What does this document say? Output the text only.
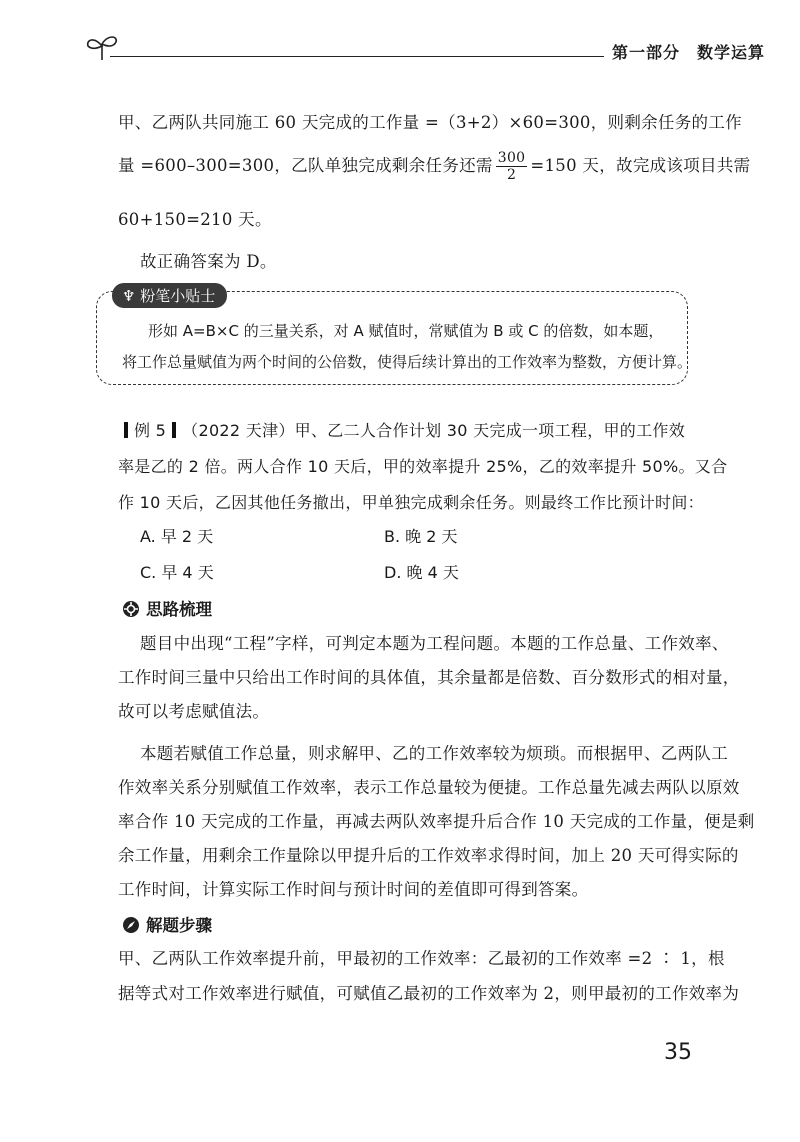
第一部分　数学运算
甲、乙两队共同施工 60 天完成的工作量 =（3+2）×60=300，则剩余任务的工作
量 =600–300=300，乙队单独完成剩余任务还需 $\frac{300}{2} =150$ 天，故完成该项目共需
60+150=210 天。
故正确答案为 D。
♆ 粉笔小贴士
形如 A=B×C 的三量关系，对 A 赋值时，常赋值为 B 或 C 的倍数，如本题，
将工作总量赋值为两个时间的公倍数，使得后续计算出的工作效率为整数，方便计算。
例 5 （2022 天津）甲、乙二人合作计划 30 天完成一项工程，甲的工作效
率是乙的 2 倍。两人合作 10 天后，甲的效率提升 25%，乙的效率提升 50%。又合
作 10 天后，乙因其他任务撤出，甲单独完成剩余任务。则最终工作比预计时间：
A. 早 2 天	B. 晚 2 天
C. 早 4 天	D. 晚 4 天
思路梳理
题目中出现“工程”字样，可判定本题为工程问题。本题的工作总量、工作效率、
工作时间三量中只给出工作时间的具体值，其余量都是倍数、百分数形式的相对量，
故可以考虑赋值法。
本题若赋值工作总量，则求解甲、乙的工作效率较为烦琐。而根据甲、乙两队工
作效率关系分别赋值工作效率，表示工作总量较为便捷。工作总量先减去两队以原效
率合作 10 天完成的工作量，再减去两队效率提升后合作 10 天完成的工作量，便是剩
余工作量，用剩余工作量除以甲提升后的工作效率求得时间，加上 20 天可得实际的
工作时间，计算实际工作时间与预计时间的差值即可得到答案。
解题步骤
甲、乙两队工作效率提升前，甲最初的工作效率：乙最初的工作效率 =2 ∶ 1，根
据等式对工作效率进行赋值，可赋值乙最初的工作效率为 2，则甲最初的工作效率为
35
